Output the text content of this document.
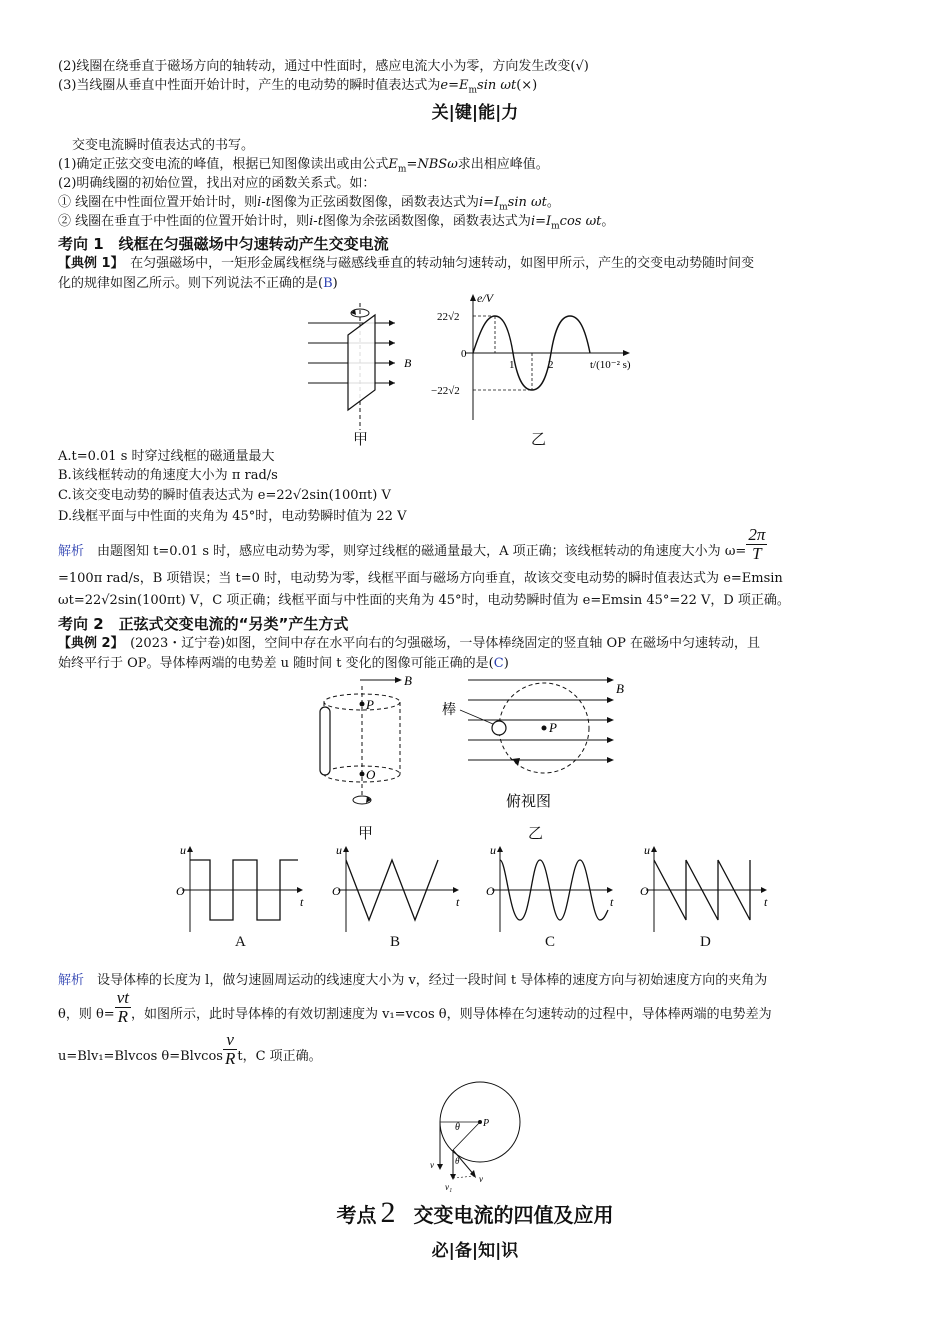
(2)线圈在绕垂直于磁场方向的轴转动，通过中性面时，感应电流大小为零，方向发生改变(√)
(3)当线圈从垂直中性面开始计时，产生的电动势的瞬时值表达式为$e=E_m\sin$ ωt(×)
关|键|能|力
交变电流瞬时值表达式的书写。
(1)确定正弦交变电流的峰值，根据已知图像读出或由公式$E_m=NBS\omega$求出相应峰值。
(2)明确线圈的初始位置，找出对应的函数关系式。如：
① 线圈在中性面位置开始计时，则i-t图像为正弦函数图像，函数表达式为$i=I_m\sin$ ωt。
② 线圈在垂直于中性面的位置开始计时，则i-t图像为余弦函数图像，函数表达式为$i=I_m\cos$ ωt。
考向 1　线框在匀强磁场中匀速转动产生交变电流
【典例 1】　 在匀强磁场中，一矩形金属线框绕与磁感线垂直的转动轴匀速转动，如图甲所示，产生的交变电动势随时间变
化的规律如图乙所示。则下列说法不正确的是(B)
B
甲
e/V
22√2
0
−22√2
1	2	t/(10⁻² s)
乙
A.t=0.01 s 时穿过线框的磁通量最大
B.该线框转动的角速度大小为 π rad/s
C.该交变电动势的瞬时值表达式为 e=22√2sin(100πt) V
D.线框平面与中性面的夹角为 45°时，电动势瞬时值为 22 V
解析　 由题图知 t=0.01 s 时，感应电动势为零，则穿过线框的磁通量最大，A 项正确；该线框转动的角速度大小为 $\omega= \frac{2\pi}{T}$
=100π rad/s，B 项错误；当 t=0 时，电动势为零，线框平面与磁场方向垂直，故该交变电动势的瞬时值表达式为 e=Emsin
ωt=22√2sin(100πt) V，C 项正确；线框平面与中性面的夹角为 45°时，电动势瞬时值为 e=Emsin 45°=22 V，D 项正确。
考向 2　正弦式交变电流的“另类”产生方式
【典例 2】　 (2023・辽宁卷)如图，空间中存在水平向右的匀强磁场，一导体棒绕固定的竖直轴 OP 在磁场中匀速转动，且
始终平行于 OP。导体棒两端的电势差 u 随时间 t 变化的图像可能正确的是(C)
B
P
O
甲
棒
B
P
俯视图
乙
u
O
t
A
u
O
t
B
u
O
t
C
u
O
t
D
解析　 设导体棒的长度为 l，做匀速圆周运动的线速度大小为 v，经过一段时间 t 导体棒的速度方向与初始速度方向的夹角为
θ，则 $\theta= \frac{vt}{R}$ ，如图所示，此时导体棒的有效切割速度为 v₁=vcos θ，则导体棒在匀速转动的过程中，导体棒两端的电势差为
u=Blv₁=Blvcos $\theta=Blvcos \frac{v}{R}$ t，C 项正确。
P
θ
v θ
v
v₁
考点 2 交变电流的四值及应用
必|备|知|识
